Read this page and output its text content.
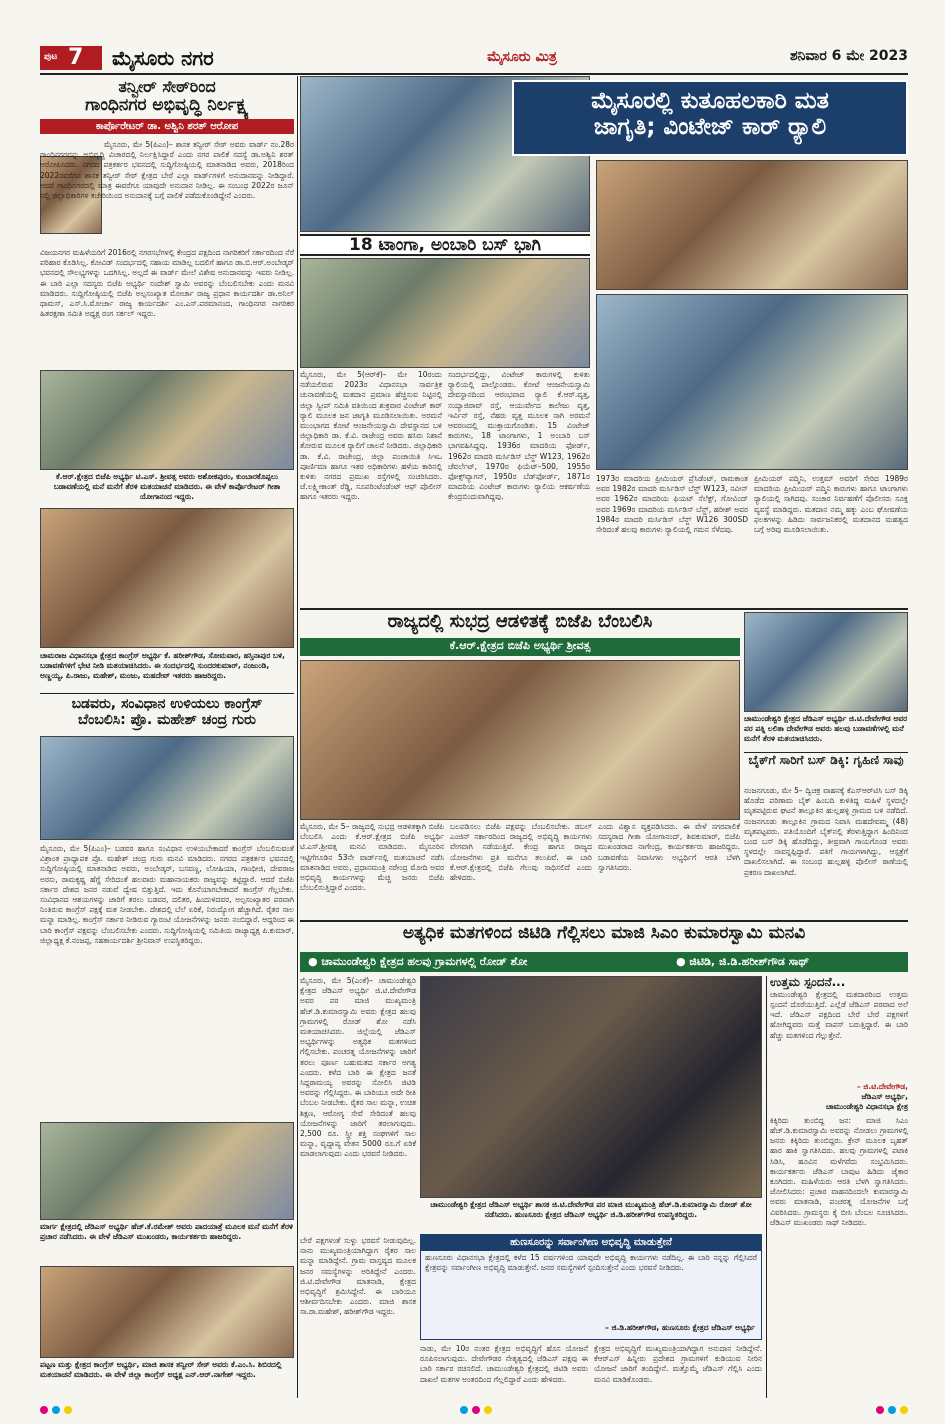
ಪುಟ 7 ಮೈಸೂರು ನಗರ	ಮೈಸೂರು ಮಿತ್ರ	ಶನಿವಾರ 6 ಮೇ 2023
ತನ್ವೀರ್ ಸೇಠ್‌ರಿಂದ
ಗಾಂಧಿನಗರ ಅಭಿವೃದ್ಧಿ ನಿರ್ಲಕ್ಷ್ಯ
ಕಾರ್ಪೊರೇಟರ್ ಡಾ. ಅಶ್ವಿನಿ ಶರತ್ ಆರೋಪ
ಮೈಸೂರು, ಮೇ 5(ಪಿಎಂ)– ಶಾಸಕ ತನ್ವೀರ್ ಸೇಠ್ ಅವರು ವಾರ್ಡ್ ನಂ.28ರ ಗಾಂಧಿನಗರವನ್ನು ಅಭಿವೃದ್ಧಿ ವಿಚಾರದಲ್ಲಿ ನಿರ್ಲಕ್ಷಿಸಿದ್ದಾರೆ ಎಂದು ನಗರ ಪಾಲಿಕೆ ಸದಸ್ಯೆ ಡಾ.ಅಶ್ವಿನಿ ಶರತ್ ಆರೋಪಿಸಿದರು. ನಗರದ ಪತ್ರಕರ್ತರ ಭವನದಲ್ಲಿ ಸುದ್ದಿಗೋಷ್ಠಿಯಲ್ಲಿ ಮಾತನಾಡಿದ ಅವರು, 2018ರಿಂದ 2022ರವರೆಗೂ ಶಾಸಕ ತನ್ವೀರ್ ಸೇಠ್ ಕ್ಷೇತ್ರದ ಬೇರೆ ಎಲ್ಲಾ ವಾರ್ಡ್‌ಗಳಿಗೆ ಅನುದಾನವನ್ನು ನೀಡಿದ್ದಾರೆ. ಆದರೆ ಗಾಂಧಿನಗರದಲ್ಲಿ ಮಾತ್ರ ಈವರೆಗೂ ಯಾವುದೇ ಅನುದಾನ ನೀಡಿಲ್ಲ. ಈ ಸಂಬಂಧ 2022ರ ಜೂನ್ ನಲ್ಲಿ ಜಿಲ್ಲಾಧಿಕಾರಿಗಳ ಕಚೇರಿಯಿಂದ ಅನುದಾನಕ್ಕೆ ಬಗ್ಗೆ ಪಾಲಿಕೆ ಪಡೆದುಕೊಂಡಿದ್ದೇನೆ ಎಂದರು.
ವಿಜಯನಗರ ಮಹಿಳೆಯರಿಗೆ 2016ರಲ್ಲಿ ನಗರಸಭೆಗಳಲ್ಲಿ ಕೇಂದ್ರದ ಪಕ್ಷದಿಂದ ನಾಗರಿಕರಿಗೆ ಸರ್ಕಾರದಿಂದ ನೆರೆ ಪರಿಹಾರ ಕೊಡಿಸಿಲ್ಲ. ಕೋವಿಡ್ ಸಂದರ್ಭದಲ್ಲಿ ಸಹಾಯ ಮಾಡಿಲ್ಲ ಬದಲಿಗೆ ಹಾಗೂ ಡಾ.ಬಿ.ಆರ್.ಅಂಬೇಡ್ಕರ್ ಭವನದಲ್ಲಿ ಸೌಲಭ್ಯಗಳನ್ನು ಒದಗಿಸಿಲ್ಲ. ಅಲ್ಲದೆ ಈ ವಾರ್ಡ್ ಮೇಲೆ ವಿಶೇಷ ಅನುದಾನವನ್ನು ಇವರು ನೀಡಿಲ್ಲ. ಈ ಬಾರಿ ಎಲ್ಲಾ ಸದಸ್ಯರು ಬಿಜೆಪಿ ಅಭ್ಯರ್ಥಿ ಸಂದೇಶ್ ಸ್ವಾಮಿ ಅವರನ್ನು ಬೆಂಬಲಿಸಬೇಕು ಎಂದು ಮನವಿ ಮಾಡಿದರು. ಸುದ್ದಿಗೋಷ್ಠಿಯಲ್ಲಿ ಬಿಜೆಪಿ ಅಲ್ಪಸಂಖ್ಯಾತ ಮೋರ್ಚಾ ರಾಜ್ಯ ಪ್ರಧಾನ ಕಾರ್ಯದರ್ಶಿ ಡಾ.ಅನಿಲ್ ಥಾಮಸ್, ಎಸ್.ಸಿ.ಮೋರ್ಚಾ ರಾಜ್ಯ ಕಾರ್ಯದರ್ಶಿ ಎಂ.ಎಸ್.ಪರಮಾನಂದ, ಗಾಂಧಿನಗರ ನಾಗರಿಕರ ಹಿತರಕ್ಷಣಾ ಸಮಿತಿ ಅಧ್ಯಕ್ಷ ರಂಗ ಸರ್ಕಲ್ ಇದ್ದರು.
ಕೆ.ಆರ್.ಕ್ಷೇತ್ರದ ಬಿಜೆಪಿ ಅಭ್ಯರ್ಥಿ ಟಿ.ಎಸ್. ಶ್ರೀವತ್ಸ ಅವರು ಅಶೋಕಪುರಂ, ಕುಂಬಾರಕೊಪ್ಪಲು ಬಡಾವಣೆಯಲ್ಲಿ ಮನೆ ಮನೆಗೆ ತೆರಳಿ ಮತಯಾಚನೆ ಮಾಡಿದರು. ಈ ವೇಳೆ ಕಾರ್ಪೊರೇಟರ್ ಗೀತಾ ಯೋಗಾನಂದ ಇದ್ದರು.
ಚಾಮರಾಜ ವಿಧಾನಸಭಾ ಕ್ಷೇತ್ರದ ಕಾಂಗ್ರೆಸ್ ಅಭ್ಯರ್ಥಿ ಕೆ. ಹರೀಶ್‌ಗೌಡ, ಸೋಮವಾರ, ಹಸ್ತಿನಾಪುರ ಬಳಿ, ಬಡಾವಣೆಗಳಿಗೆ ಭೇಟಿ ನೀಡಿ ಮತಯಾಚಿಸಿದರು. ಈ ಸಂದರ್ಭದಲ್ಲಿ ಸುಂದರಕುಮಾರ್, ನಂಜುಂಡಿ, ಅಣ್ಣಯ್ಯ, ಪಿ.ರಾಜು, ಮಹೇಶ್, ಮಂಜು, ಮಹದೇವ್ ಇತರರು ಹಾಜರಿದ್ದರು.
ಬಡವರು, ಸಂವಿಧಾನ ಉಳಿಯಲು ಕಾಂಗ್ರೆಸ್
ಬೆಂಬಲಿಸಿ: ಪ್ರೊ. ಮಹೇಶ್ ಚಂದ್ರ ಗುರು
ಮೈಸೂರು, ಮೇ 5(ಪಿಎಂ)– ಬಡವರ ಹಾಗೂ ಸಂವಿಧಾನ ಉಳಿಯಬೇಕಾದರೆ ಕಾಂಗ್ರೆಸ್ ಬೆಂಬಲಿಸುವಂತೆ ವಿಶ್ರಾಂತ ಪ್ರಾಧ್ಯಾಪಕ ಪ್ರೊ. ಮಹೇಶ್ ಚಂದ್ರ ಗುರು ಮನವಿ ಮಾಡಿದರು. ನಗರದ ಪತ್ರಕರ್ತರ ಭವನದಲ್ಲಿ ಸುದ್ದಿಗೋಷ್ಠಿಯಲ್ಲಿ ಮಾತನಾಡಿದ ಅವರು, ಅಂಬೇಡ್ಕರ್, ಬಸವಣ್ಣ, ಲೋಹಿಯಾ, ಗಾಂಧೀಜಿ, ದೇವರಾಜ ಅರಸು, ರಾಮಕೃಷ್ಣ ಹೆಗ್ಡೆ ಸೇರಿದಂತೆ ಹಲವಾರು ಮಹಾನಾಯಕರು ರಾಜ್ಯವನ್ನು ಕಟ್ಟಿದ್ದಾರೆ. ಆದರೆ ಬಿಜೆಪಿ ಸರ್ಕಾರ ದೇಶದ ಜನರ ನಡುವೆ ದ್ವೇಷ ಬಿತ್ತುತ್ತಿದೆ. ಇದು ಕೊನೆಯಾಗಬೇಕಾದರೆ ಕಾಂಗ್ರೆಸ್ ಗೆಲ್ಲಬೇಕು. ಸಂವಿಧಾನದ ಆಶಯಗಳನ್ನು ಜಾರಿಗೆ ತರಲು ಬಡವರ, ದಲಿತರ, ಹಿಂದುಳಿದವರ, ಅಲ್ಪಸಂಖ್ಯಾತರ ಪರವಾಗಿ ನಿಂತಿರುವ ಕಾಂಗ್ರೆಸ್ ಪಕ್ಷಕ್ಕೆ ಮತ ನೀಡಬೇಕು. ದೇಶದಲ್ಲಿ ಬೆಲೆ ಏರಿಕೆ, ನಿರುದ್ಯೋಗ ಹೆಚ್ಚಾಗಿದೆ. ರೈತರ ಸಾಲ ಮನ್ನಾ ಮಾಡಿಲ್ಲ. ಕಾಂಗ್ರೆಸ್ ಸರ್ಕಾರ ನೀಡಿರುವ ಗ್ಯಾರಂಟಿ ಯೋಜನೆಗಳನ್ನು ಜನರು ನಂಬಿದ್ದಾರೆ. ಆದ್ದರಿಂದ ಈ ಬಾರಿ ಕಾಂಗ್ರೆಸ್ ಪಕ್ಷವನ್ನು ಬೆಂಬಲಿಸಬೇಕು ಎಂದರು. ಸುದ್ದಿಗೋಷ್ಠಿಯಲ್ಲಿ ಸಮಿತಿಯ ರಾಜ್ಯಾಧ್ಯಕ್ಷ ಪಿ.ಕುಮಾರ್, ಜಿಲ್ಲಾಧ್ಯಕ್ಷ ಕೆ.ನಂಜಪ್ಪ, ಸಹಕಾರ್ಯದರ್ಶಿ ಶ್ರೀನಿವಾಸ್ ಉಪಸ್ಥಿತರಿದ್ದರು.
ಮಾರ್ಗ ಕ್ಷೇತ್ರದಲ್ಲಿ ಜೆಡಿಎಸ್ ಅಭ್ಯರ್ಥಿ ಹೆಚ್.ಕೆ.ರಮೇಶ್ ಅವರು ಪಾದಯಾತ್ರೆ ಮೂಲಕ ಮನೆ ಮನೆಗೆ ತೆರಳಿ ಪ್ರಚಾರ ನಡೆಸಿದರು. ಈ ವೇಳೆ ಜೆಡಿಎಸ್ ಮುಖಂಡರು, ಕಾರ್ಯಕರ್ತರು ಹಾಜರಿದ್ದರು.
ಪಟ್ಟಣ ಮತ್ತು ಕ್ಷೇತ್ರದ ಕಾಂಗ್ರೆಸ್ ಅಭ್ಯರ್ಥಿ, ಮಾಜಿ ಶಾಸಕ ತನ್ವೀರ್ ಸೇಠ್ ಅವರು ಕೆ.ಎಂ.ಸಿ. ಶಿಬಿರದಲ್ಲಿ ಮತಯಾಚನೆ ಮಾಡಿದರು. ಈ ವೇಳೆ ಜಿಲ್ಲಾ ಕಾಂಗ್ರೆಸ್ ಅಧ್ಯಕ್ಷ ಎನ್.ಆರ್.ನಾಗೇಶ್ ಇದ್ದರು.
ಮೈಸೂರಲ್ಲಿ ಕುತೂಹಲಕಾರಿ ಮತ
ಜಾಗೃತಿ; ವಿಂಟೇಜ್ ಕಾರ್ ರ‍್ಯಾಲಿ
18 ಟಾಂಗಾ, ಅಂಬಾರಿ ಬಸ್ ಭಾಗಿ
ಮೈಸೂರು, ಮೇ 5(ಆರ್‌ಕೆ)– ಮೇ 10ರಂದು ನಡೆಯಲಿರುವ 2023ರ ವಿಧಾನಸಭಾ ಸಾರ್ವತ್ರಿಕ ಚುನಾವಣೆಯಲ್ಲಿ ಮತದಾನ ಪ್ರಮಾಣ ಹೆಚ್ಚಿಸುವ ನಿಟ್ಟಿನಲ್ಲಿ ಜಿಲ್ಲಾ ಸ್ವೀಪ್ ಸಮಿತಿ ವತಿಯಿಂದ ಶುಕ್ರವಾರ ವಿಂಟೇಜ್ ಕಾರ್ ರ‍್ಯಾಲಿ ಮೂಲಕ ಜನ ಜಾಗೃತಿ ಮೂಡಿಸಲಾಯಿತು. ಅರಮನೆ ಮುಂಭಾಗದ ಕೋಟೆ ಆಂಜನೇಯಸ್ವಾಮಿ ದೇವಸ್ಥಾನದ ಬಳಿ ಜಿಲ್ಲಾಧಿಕಾರಿ ಡಾ. ಕೆ.ವಿ. ರಾಜೇಂದ್ರ ಅವರು ಹಸಿರು ನಿಶಾನೆ ತೋರುವ ಮೂಲಕ ರ‍್ಯಾಲಿಗೆ ಚಾಲನೆ ನೀಡಿದರು. ಜಿಲ್ಲಾಧಿಕಾರಿ ಡಾ. ಕೆ.ವಿ. ರಾಜೇಂದ್ರ, ಜಿಲ್ಲಾ ಪಂಚಾಯಿತಿ ಸಿಇಒ ಪೂರ್ಣಿಮಾ ಹಾಗೂ ಇತರ ಅಧಿಕಾರಿಗಳು ಹಳೆಯ ಕಾರಿನಲ್ಲಿ ಕುಳಿತು ನಗರದ ಪ್ರಮುಖ ರಸ್ತೆಗಳಲ್ಲಿ ಸಂಚರಿಸಿದರು. ಜೆ.ಲಕ್ಷ್ಮೀಕಾಂತ್ ರೆಡ್ಡಿ, ಸೂಪರಿಂಟೆಂಡೆಂಟ್ ಆಫ್ ಪೊಲೀಸ್ ಹಾಗೂ ಇತರರು ಇದ್ದರು.
ಸಂದರ್ಭದಲ್ಲಿದ್ದು, ವಿಂಟೇಜ್ ಕಾರುಗಳಲ್ಲಿ ಕುಳಿತು ರ‍್ಯಾಲಿಯಲ್ಲಿ ಪಾಲ್ಗೊಂಡರು. ಕೋಟೆ ಆಂಜನೇಯಸ್ವಾಮಿ ದೇವಸ್ಥಾನದಿಂದ ಆರಂಭವಾದ ರ‍್ಯಾಲಿ ಕೆ.ಆರ್.ವೃತ್ತ, ಸಯ್ಯಾಜಿರಾವ್ ರಸ್ತೆ, ಆಯುರ್ವೇದ ಕಾಲೇಜು ವೃತ್ತ, ಇರ್ವಿನ್ ರಸ್ತೆ, ನೆಹರು ವೃತ್ತ ಮೂಲಕ ಸಾಗಿ ಅರಮನೆ ಆವರಣದಲ್ಲಿ ಮುಕ್ತಾಯಗೊಂಡಿತು. 15 ವಿಂಟೇಜ್ ಕಾರುಗಳು, 18 ಟಾಂಗಾಗಳು, 1 ಅಂಬಾರಿ ಬಸ್ ಭಾಗವಹಿಸಿದ್ದವು. 1936ರ ಮಾದರಿಯ ಫೋರ್ಡ್, 1962ರ ಮಾದರಿ ಮರ್ಸಿಡಿಸ್ ಬೆನ್ಜ್ W123, 1962ರ ಚೆವರ್ಲೆಟ್, 1970ರ ಫಿಯೆಟ್–500, 1955ರ ಫೋಕ್ಸ್‌ವ್ಯಾಗನ್, 1950ರ ಬೆಡ್‌ಫೋರ್ಡ್, 1871ರ ಮಾದರಿಯ ವಿಂಟೇಜ್ ಕಾರುಗಳು ರ‍್ಯಾಲಿಯ ಆಕರ್ಷಣೆಯ ಕೇಂದ್ರಬಿಂದುವಾಗಿದ್ದವು.
1973ರ ಮಾದರಿಯ ಪ್ರೀಮಿಯರ್ ಪ್ರೆಸಿಡೆಂಟ್, ರಾಮಕಾಂತ ಅವರ 1982ರ ಮಾದರಿ ಮರ್ಸಿಡಿಸ್ ಬೆನ್ಜ್ W123, ನವೀನ್ ಅವರ 1962ರ ಮಾದರಿಯ ಫಿಯಟ್ ಸೆಲೆಕ್ಟ್, ಗೋವಿಂದ್ ಅವರ 1969ರ ಮಾದರಿಯ ಮರ್ಸಿಡಿಸ್ ಬೆನ್ಜ್, ಹರೀಶ್ ಅವರ 1984ರ ಮಾದರಿ ಮರ್ಸಿಡಿಸ್ ಬೆನ್ಜ್ W126 300SD ಸೇರಿದಂತೆ ಹಲವು ಕಾರುಗಳು ರ‍್ಯಾಲಿಯಲ್ಲಿ ಗಮನ ಸೆಳೆದವು.
ಪ್ರೀಮಿಯರ್ ಪದ್ಮಿನಿ, ಉತ್ತಮ್ ಅವರಿಗೆ ಸೇರಿದ 1989ರ ಮಾದರಿಯ ಪ್ರೀಮಿಯರ್ ಪದ್ಮಿನಿ ಕಾರುಗಳು ಹಾಗೂ ಟಾಂಗಾಗಳು ರ‍್ಯಾಲಿಯಲ್ಲಿ ಸಾಗಿದವು. ಸಂಚಾರ ನಿರ್ವಹಣೆಗೆ ಪೊಲೀಸರು ಸೂಕ್ತ ವ್ಯವಸ್ಥೆ ಮಾಡಿದ್ದರು. ಮತದಾನ ನಮ್ಮ ಹಕ್ಕು ಎಂಬ ಘೋಷಣೆಯ ಫಲಕಗಳನ್ನು ಹಿಡಿದು ಸಾರ್ವಜನಿಕರಲ್ಲಿ ಮತದಾನದ ಮಹತ್ವದ ಬಗ್ಗೆ ಅರಿವು ಮೂಡಿಸಲಾಯಿತು.
ರಾಜ್ಯದಲ್ಲಿ ಸುಭದ್ರ ಆಡಳಿತಕ್ಕೆ ಬಿಜೆಪಿ ಬೆಂಬಲಿಸಿ
ಕೆ.ಆರ್.ಕ್ಷೇತ್ರದ ಬಿಜೆಪಿ ಅಭ್ಯರ್ಥಿ ಶ್ರೀವತ್ಸ
ಮೈಸೂರು, ಮೇ 5– ರಾಜ್ಯದಲ್ಲಿ ಸುಭದ್ರ ಆಡಳಿತಕ್ಕಾಗಿ ಬಿಜೆಪಿ ಬೆಂಬಲಿಸಿ ಎಂದು ಕೆ.ಆರ್.ಕ್ಷೇತ್ರದ ಬಿಜೆಪಿ ಅಭ್ಯರ್ಥಿ ಟಿ.ಎಸ್.ಶ್ರೀವತ್ಸ ಮನವಿ ಮಾಡಿದರು. ಮೈಸೂರಿನ ಇಟ್ಟಿಗೆಗೂಡಿನ 53ನೇ ವಾರ್ಡ್‌ನಲ್ಲಿ ಮತಯಾಚನೆ ನಡೆಸಿ ಮಾತನಾಡಿದ ಅವರು, ಪ್ರಧಾನಮಂತ್ರಿ ನರೇಂದ್ರ ಮೋದಿ ಅವರ ಅಭಿವೃದ್ಧಿ ಕಾರ್ಯಗಳನ್ನು ಮೆಚ್ಚಿ ಜನರು ಬಿಜೆಪಿ ಬೆಂಬಲಿಸುತ್ತಿದ್ದಾರೆ ಎಂದರು.
ಬಲಪಡಿಸಲು ಬಿಜೆಪಿ ಪಕ್ಷವನ್ನು ಬೆಂಬಲಿಸಬೇಕು. ಡಬಲ್ ಎಂಜಿನ್ ಸರ್ಕಾರದಿಂದ ರಾಜ್ಯದಲ್ಲಿ ಅಭಿವೃದ್ಧಿ ಕಾರ್ಯಗಳು ವೇಗವಾಗಿ ನಡೆಯುತ್ತಿವೆ. ಕೇಂದ್ರ ಹಾಗೂ ರಾಜ್ಯದ ಯೋಜನೆಗಳು ಪ್ರತಿ ಮನೆಗೂ ತಲುಪಿವೆ. ಈ ಬಾರಿ ಕೆ.ಆರ್.ಕ್ಷೇತ್ರದಲ್ಲಿ ಬಿಜೆಪಿ ಗೆಲುವು ಸಾಧಿಸಲಿದೆ ಎಂದು ಹೇಳಿದರು.
ಎಂದು ವಿಶ್ವಾಸ ವ್ಯಕ್ತಪಡಿಸಿದರು. ಈ ವೇಳೆ ನಗರಪಾಲಿಕೆ ಸದಸ್ಯರಾದ ಗೀತಾ ಯೋಗಾನಂದ್, ಶಿವಕುಮಾರ್, ಬಿಜೆಪಿ ಮುಖಂಡರಾದ ನಾಗೇಂದ್ರ, ಕಾರ್ಯಕರ್ತರು ಹಾಜರಿದ್ದರು. ಬಡಾವಣೆಯ ನಿವಾಸಿಗಳು ಅಭ್ಯರ್ಥಿಗೆ ಆರತಿ ಬೆಳಗಿ ಸ್ವಾಗತಿಸಿದರು.
ಚಾಮುಂಡೇಶ್ವರಿ ಕ್ಷೇತ್ರದ ಜೆಡಿಎಸ್ ಅಭ್ಯರ್ಥಿ ಜಿ.ಟಿ.ದೇವೇಗೌಡ ಅವರ ಪರ ಪತ್ನಿ ಲಲಿತಾ ದೇವೇಗೌಡ ಅವರು ಹಲವು ಬಡಾವಣೆಗಳಲ್ಲಿ ಮನೆ ಮನೆಗೆ ತೆರಳಿ ಮತಯಾಚಿಸಿದರು.
ಬೈಕ್‌ಗೆ ಸಾರಿಗೆ ಬಸ್ ಡಿಕ್ಕಿ: ಗೃಹಿಣಿ ಸಾವು
ನಂಜನಗೂಡು, ಮೇ 5– ದ್ವಿಚಕ್ರ ವಾಹನಕ್ಕೆ ಕೆಎಸ್‌ಆರ್‌ಟಿಸಿ ಬಸ್ ಡಿಕ್ಕಿ ಹೊಡೆದ ಪರಿಣಾಮ ಬೈಕ್ ಹಿಂಬದಿ ಕುಳಿತಿದ್ದ ಮಹಿಳೆ ಸ್ಥಳದಲ್ಲೇ ಮೃತಪಟ್ಟಿರುವ ಘಟನೆ ತಾಲ್ಲೂಕಿನ ಹುಲ್ಲಹಳ್ಳಿ ಗ್ರಾಮದ ಬಳಿ ನಡೆದಿದೆ. ನಂಜನಗೂಡು ತಾಲ್ಲೂಕಿನ ಗ್ರಾಮದ ನಿವಾಸಿ ಮಹದೇವಮ್ಮ (48) ಮೃತಪಟ್ಟವರು. ಪತಿಯೊಂದಿಗೆ ಬೈಕ್‌ನಲ್ಲಿ ತೆರಳುತ್ತಿದ್ದಾಗ ಹಿಂದಿನಿಂದ ಬಂದ ಬಸ್ ಡಿಕ್ಕಿ ಹೊಡೆದಿದ್ದು, ತೀವ್ರವಾಗಿ ಗಾಯಗೊಂಡ ಅವರು ಸ್ಥಳದಲ್ಲೇ ಸಾವನ್ನಪ್ಪಿದ್ದಾರೆ. ಪತಿಗೆ ಗಾಯಗಳಾಗಿದ್ದು, ಆಸ್ಪತ್ರೆಗೆ ದಾಖಲಿಸಲಾಗಿದೆ. ಈ ಸಂಬಂಧ ಹುಲ್ಲಹಳ್ಳಿ ಪೊಲೀಸ್ ಠಾಣೆಯಲ್ಲಿ ಪ್ರಕರಣ ದಾಖಲಾಗಿದೆ.
ಅತ್ಯಧಿಕ ಮತಗಳಿಂದ ಜಿಟಿಡಿ ಗೆಲ್ಲಿಸಲು ಮಾಜಿ ಸಿಎಂ ಕುಮಾರಸ್ವಾಮಿ ಮನವಿ
● ಚಾಮುಂಡೇಶ್ವರಿ ಕ್ಷೇತ್ರದ ಹಲವು ಗ್ರಾಮಗಳಲ್ಲಿ ರೋಡ್ ಶೋ	● ಜಿಟಿಡಿ, ಜಿ.ಡಿ.ಹರೀಶ್‌ಗೌಡ ಸಾಥ್
ಮೈಸೂರು, ಮೇ 5(ಎಂಕೆ)– ಚಾಮುಂಡೇಶ್ವರಿ ಕ್ಷೇತ್ರದ ಜೆಡಿಎಸ್ ಅಭ್ಯರ್ಥಿ ಜಿ.ಟಿ.ದೇವೇಗೌಡ ಅವರ ಪರ ಮಾಜಿ ಮುಖ್ಯಮಂತ್ರಿ ಹೆಚ್.ಡಿ.ಕುಮಾರಸ್ವಾಮಿ ಅವರು ಕ್ಷೇತ್ರದ ಹಲವು ಗ್ರಾಮಗಳಲ್ಲಿ ರೋಡ್ ಶೋ ನಡೆಸಿ ಮತಯಾಚಿಸಿದರು. ಜಿಲ್ಲೆಯಲ್ಲಿ ಜೆಡಿಎಸ್ ಅಭ್ಯರ್ಥಿಗಳನ್ನು ಅತ್ಯಧಿಕ ಮತಗಳಿಂದ ಗೆಲ್ಲಿಸಬೇಕು. ಪಂಚರತ್ನ ಯೋಜನೆಗಳನ್ನು ಜಾರಿಗೆ ತರಲು ಪೂರ್ಣ ಬಹುಮತದ ಸರ್ಕಾರ ಅಗತ್ಯ ಎಂದರು. ಕಳೆದ ಬಾರಿ ಈ ಕ್ಷೇತ್ರದ ಜನತೆ ಸಿದ್ದರಾಮಯ್ಯ ಅವರನ್ನು ಸೋಲಿಸಿ ಜಿಟಿಡಿ ಅವರನ್ನು ಗೆಲ್ಲಿಸಿದ್ದರು. ಈ ಬಾರಿಯೂ ಅದೇ ರೀತಿ ಬೆಂಬಲ ನೀಡಬೇಕು. ರೈತರ ಸಾಲ ಮನ್ನಾ, ಉಚಿತ ಶಿಕ್ಷಣ, ಆರೋಗ್ಯ ಸೇವೆ ಸೇರಿದಂತೆ ಹಲವು ಯೋಜನೆಗಳನ್ನು ಜಾರಿಗೆ ತರಲಾಗುವುದು. 2,500 ರೂ. ಸ್ತ್ರೀ ಶಕ್ತಿ ಸಂಘಗಳಿಗೆ ಸಾಲ ಮನ್ನಾ, ವೃದ್ಧಾಪ್ಯ ವೇತನ 5000 ರೂ.ಗೆ ಏರಿಕೆ ಮಾಡಲಾಗುವುದು ಎಂದು ಭರವಸೆ ನೀಡಿದರು.
ಚಾಮುಂಡೇಶ್ವರಿ ಕ್ಷೇತ್ರದ ಜೆಡಿಎಸ್ ಅಭ್ಯರ್ಥಿ ಶಾಸಕ ಜಿ.ಟಿ.ದೇವೇಗೌಡ ಪರ ಮಾಜಿ ಮುಖ್ಯಮಂತ್ರಿ ಹೆಚ್.ಡಿ.ಕುಮಾರಸ್ವಾಮಿ ರೋಡ್ ಶೋ ನಡೆಸಿದರು. ಹುಣಸೂರು ಕ್ಷೇತ್ರದ ಜೆಡಿಎಸ್ ಅಭ್ಯರ್ಥಿ ಜಿ.ಡಿ.ಹರೀಶ್‌ಗೌಡ ಉಪಸ್ಥಿತರಿದ್ದರು.
ಬೇರೆ ಪಕ್ಷಗಳಂತೆ ಸುಳ್ಳು ಭರವಸೆ ನೀಡುವುದಿಲ್ಲ. ನಾನು ಮುಖ್ಯಮಂತ್ರಿಯಾಗಿದ್ದಾಗ ರೈತರ ಸಾಲ ಮನ್ನಾ ಮಾಡಿದ್ದೇನೆ. ಗ್ರಾಮ ವಾಸ್ತವ್ಯದ ಮೂಲಕ ಜನರ ಸಮಸ್ಯೆಗಳನ್ನು ಅರಿತಿದ್ದೇನೆ ಎಂದರು. ಜಿ.ಟಿ.ದೇವೇಗೌಡ ಮಾತನಾಡಿ, ಕ್ಷೇತ್ರದ ಅಭಿವೃದ್ಧಿಗೆ ಶ್ರಮಿಸಿದ್ದೇನೆ. ಈ ಬಾರಿಯೂ ಆಶೀರ್ವದಿಸಬೇಕು ಎಂದರು. ಮಾಜಿ ಶಾಸಕ ಸಾ.ರಾ.ಮಹೇಶ್, ಹರೀಶ್‌ಗೌಡ ಇದ್ದರು.
ಹುಣಸೂರನ್ನು ಸರ್ವಾಂಗೀಣ ಅಭಿವೃದ್ಧಿ ಮಾಡುತ್ತೇನೆ
ಹುಣಸೂರು ವಿಧಾನಸಭಾ ಕ್ಷೇತ್ರದಲ್ಲಿ ಕಳೆದ 15 ವರ್ಷಗಳಿಂದ ಯಾವುದೇ ಅಭಿವೃದ್ಧಿ ಕಾರ್ಯಗಳು ನಡೆದಿಲ್ಲ. ಈ ಬಾರಿ ನನ್ನನ್ನು ಗೆಲ್ಲಿಸಿದರೆ ಕ್ಷೇತ್ರವನ್ನು ಸರ್ವಾಂಗೀಣ ಅಭಿವೃದ್ಧಿ ಮಾಡುತ್ತೇನೆ. ಜನರ ಸಮಸ್ಯೆಗಳಿಗೆ ಸ್ಪಂದಿಸುತ್ತೇನೆ ಎಂದು ಭರವಸೆ ನೀಡಿದರು.
– ಜಿ.ಡಿ.ಹರೀಶ್‌ಗೌಡ, ಹುಣಸೂರು ಕ್ಷೇತ್ರದ ಜೆಡಿಎಸ್ ಅಭ್ಯರ್ಥಿ
ನಾಡು, ಮೇ 10ರ ನಂತರ ಕ್ಷೇತ್ರದ ಅಭಿವೃದ್ಧಿಗೆ ಹೊಸ ಯೋಜನೆ ರೂಪಿಸಲಾಗುವುದು. ದೇವೇಗೌಡರ ನೇತೃತ್ವದಲ್ಲಿ ಜೆಡಿಎಸ್ ಪಕ್ಷವು ಈ ಬಾರಿ ಸರ್ಕಾರ ರಚಿಸಲಿದೆ. ಚಾಮುಂಡೇಶ್ವರಿ ಕ್ಷೇತ್ರದಲ್ಲಿ ಜಿಟಿಡಿ ಅವರು ದಾಖಲೆ ಮತಗಳ ಅಂತರದಿಂದ ಗೆಲ್ಲಲಿದ್ದಾರೆ ಎಂದು ಹೇಳಿದರು.
ಕ್ಷೇತ್ರದ ಅಭಿವೃದ್ಧಿಗೆ ಮುಖ್ಯಮಂತ್ರಿಯಾಗಿದ್ದಾಗ ಅನುದಾನ ನೀಡಿದ್ದೇನೆ. ಕೆಆರ್‌ಎಸ್ ಹಿನ್ನೀರು ಪ್ರದೇಶದ ಗ್ರಾಮಗಳಿಗೆ ಕುಡಿಯುವ ನೀರಿನ ಯೋಜನೆ ಜಾರಿಗೆ ತಂದಿದ್ದೇನೆ. ಮತ್ತೊಮ್ಮೆ ಜೆಡಿಎಸ್ ಗೆಲ್ಲಿಸಿ ಎಂದು ಮನವಿ ಮಾಡಿಕೊಂಡರು.
ಉತ್ತಮ ಸ್ಪಂದನೆ...
ಚಾಮುಂಡೇಶ್ವರಿ ಕ್ಷೇತ್ರದಲ್ಲಿ ಮತದಾರರಿಂದ ಉತ್ತಮ ಸ್ಪಂದನೆ ದೊರೆಯುತ್ತಿದೆ. ಎಲ್ಲೆಡೆ ಜೆಡಿಎಸ್ ಪರವಾದ ಅಲೆ ಇದೆ. ಜೆಡಿಎಸ್ ಪಕ್ಷದಿಂದ ಬೇರೆ ಬೇರೆ ಪಕ್ಷಗಳಿಗೆ ಹೋಗಿದ್ದವರು ಮತ್ತೆ ವಾಪಸ್ ಬರುತ್ತಿದ್ದಾರೆ. ಈ ಬಾರಿ ಹೆಚ್ಚು ಮತಗಳಿಂದ ಗೆಲ್ಲುತ್ತೇನೆ.
– ಜಿ.ಟಿ.ದೇವೇಗೌಡ,
ಜೆಡಿಎಸ್ ಅಭ್ಯರ್ಥಿ,
ಚಾಮುಂಡೇಶ್ವರಿ ವಿಧಾನಸಭಾ ಕ್ಷೇತ್ರ
ಕಿಕ್ಕಿರಿದು ತುಂಬಿದ್ದ ಜನ: ಮಾಜಿ ಸಿಎಂ ಹೆಚ್.ಡಿ.ಕುಮಾರಸ್ವಾಮಿ ಅವರನ್ನು ನೋಡಲು ಗ್ರಾಮಗಳಲ್ಲಿ ಜನರು ಕಿಕ್ಕಿರಿದು ತುಂಬಿದ್ದರು. ಕ್ರೇನ್ ಮೂಲಕ ಬೃಹತ್ ಹಾರ ಹಾಕಿ ಸ್ವಾಗತಿಸಿದರು. ಹಲವು ಗ್ರಾಮಗಳಲ್ಲಿ ಪಟಾಕಿ ಸಿಡಿಸಿ, ಹೂವಿನ ಮಳೆಗರೆದು ಸಂಭ್ರಮಿಸಿದರು. ಕಾರ್ಯಕರ್ತರು ಜೆಡಿಎಸ್ ಬಾವುಟ ಹಿಡಿದು ಜೈಕಾರ ಕೂಗಿದರು. ಮಹಿಳೆಯರು ಆರತಿ ಬೆಳಗಿ ಸ್ವಾಗತಿಸಿದರು. ಜೋಲಿಸಿದರು: ಪ್ರಚಾರ ವಾಹನದಿಂದಲೇ ಕುಮಾರಸ್ವಾಮಿ ಅವರು ಮಾತನಾಡಿ, ಪಂಚರತ್ನ ಯೋಜನೆಗಳ ಬಗ್ಗೆ ವಿವರಿಸಿದರು. ಗ್ರಾಮಸ್ಥರು ಕೈ ಬೀಸಿ ಬೆಂಬಲ ಸೂಚಿಸಿದರು. ಜೆಡಿಎಸ್ ಮುಖಂಡರು ಸಾಥ್ ನೀಡಿದರು.
